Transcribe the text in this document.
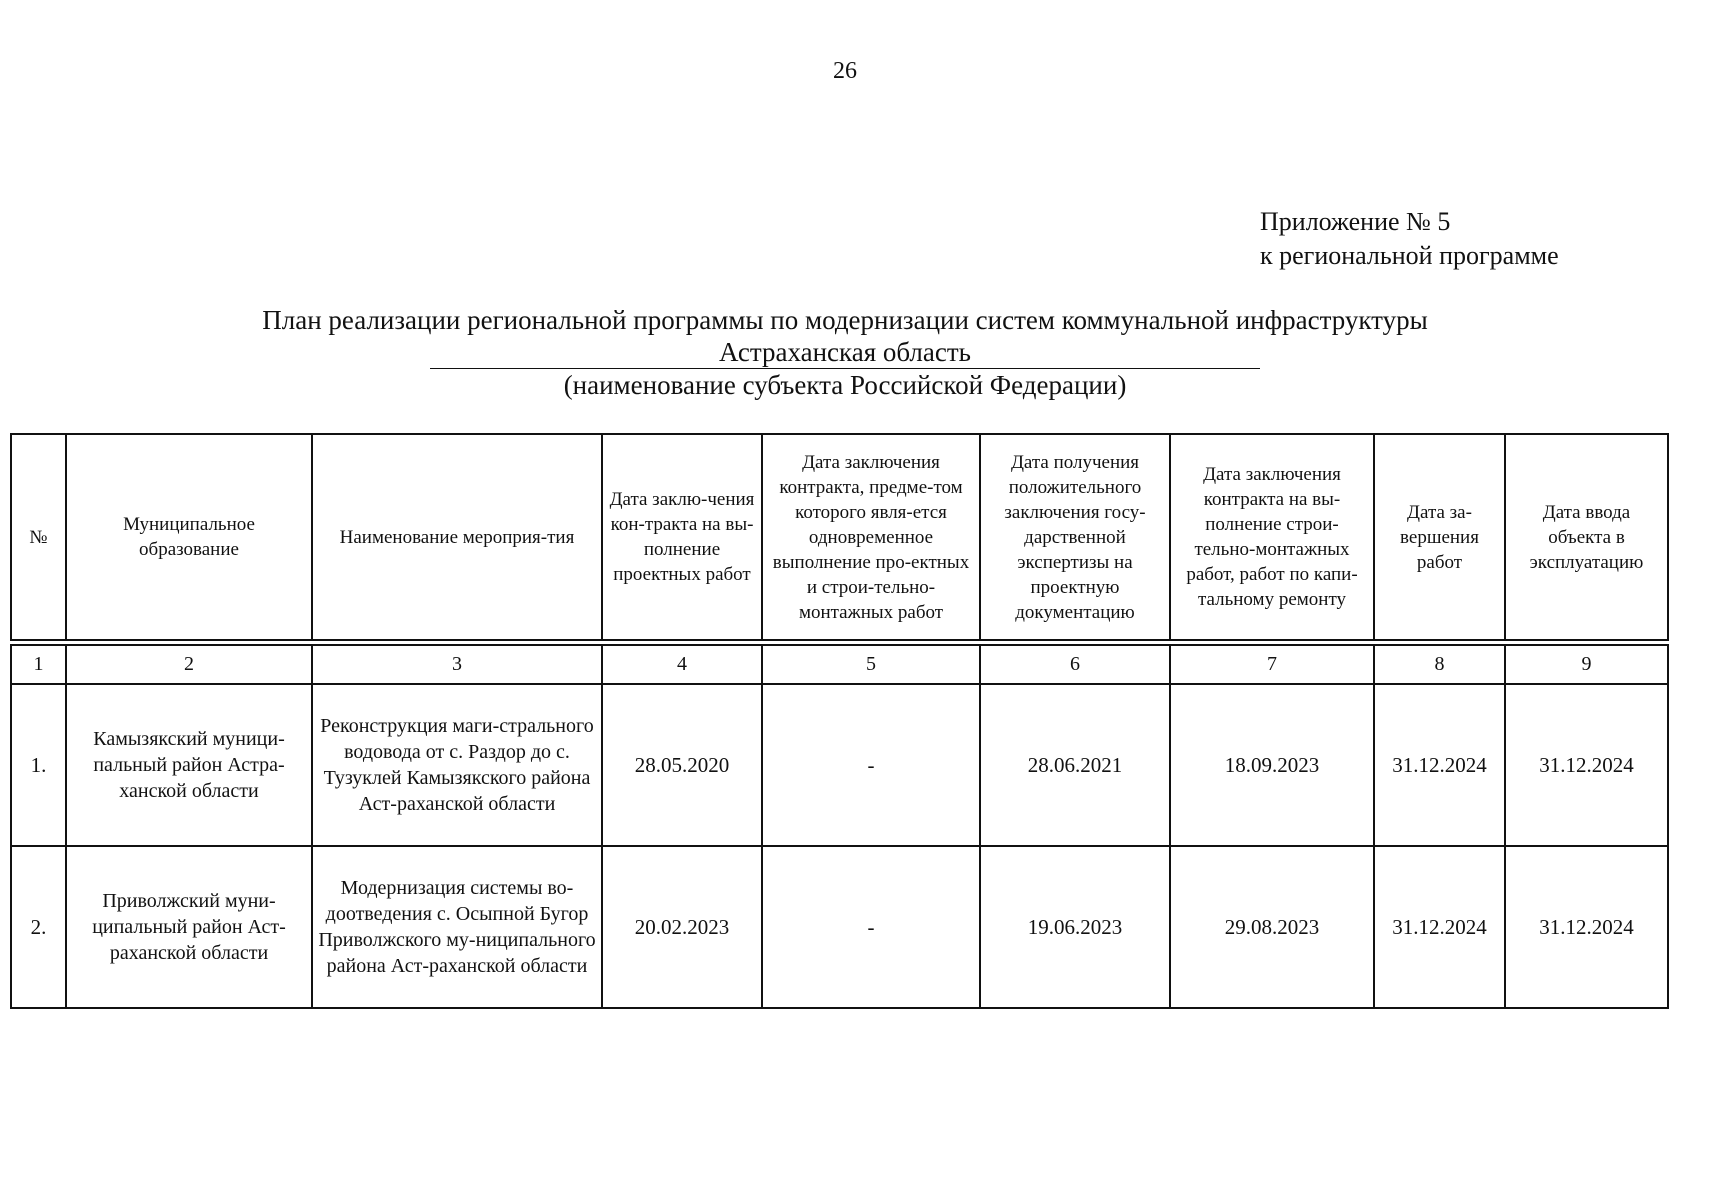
26
Приложение № 5
к региональной программе
План реализации региональной программы по модернизации систем коммунальной инфраструктуры
Астраханская область
(наименование субъекта Российской Федерации)
№	Муниципальное образование	Наименование мероприя-тия	Дата заклю-чения кон-тракта на вы-полнение проектных работ	Дата заключения контракта, предме-том которого явля-ется одновременное выполнение про-ектных и строи-тельно-монтажных работ	Дата получения положительного заключения госу-дарственной экспертизы на проектную документацию	Дата заключения контракта на вы-полнение строи-тельно-монтажных работ, работ по капи-тальному ремонту	Дата за-вершения работ	Дата ввода объекта в эксплуатацию

1	2	3	4	5	6	7	8	9
1.	Камызякский муници-пальный район Астра-ханской области	Реконструкция маги-стрального водовода от с. Раздор до с. Тузуклей Камызякского района Аст-раханской области	28.05.2020	-	28.06.2021	18.09.2023	31.12.2024	31.12.2024
2.	Приволжский муни-ципальный район Аст-раханской области	Модернизация системы во-доотведения с. Осыпной Бугор Приволжского му-ниципального района Аст-раханской области	20.02.2023	-	19.06.2023	29.08.2023	31.12.2024	31.12.2024
